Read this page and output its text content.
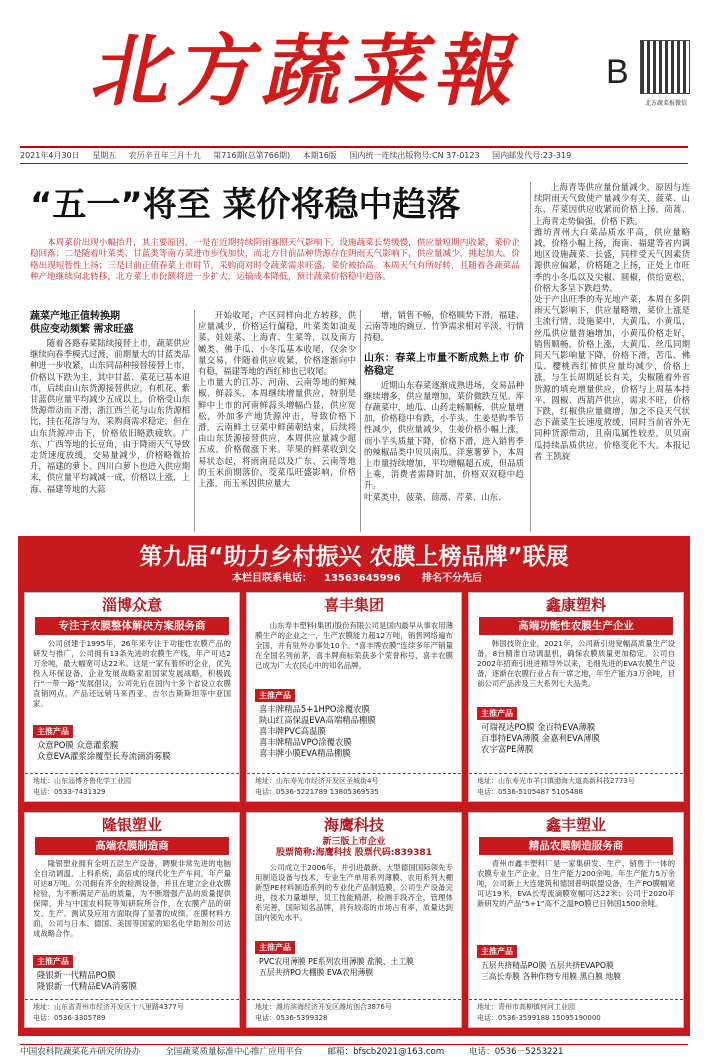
北方蔬菜報	B
北方蔬菜报微信
2021年4月30日 星期五 农历辛丑年三月十九 第716期(总第766期) 本期16版 国内统一连续出版物号:CN 37-0123 国内邮发代号:23-319
“五一”将至 菜价将稳中趋落
本周菜价出现小幅抬升，其主要原因，一是在近期持续阴雨寡照天气影响下，设施蔬菜长势缓慢，供应量短期内收紧，菜价企稳回落；二是随着叶菜类、甘蓝类等南方菜进市步伐加快，而北方目前品种货源存在阴雨天气影响下，供应量减少，挑起加大，价格出现短暂性上扬；三是目前正值春菜上市时节，采购商对时令蔬菜需求旺盛，菜价被抬高。本周天气有所好转，且随着各蔬菜品种产地继续向北转移，北方菜上市份额将进一步扩大，运输成本降低，预计蔬菜价格稳中趋落。
蔬菜产地正值转换期
供应变动频繁 需求旺盛
随着各路春菜陆续接替上市，蔬菜供应继续向春季模式过渡，前期量大的甘蓝类品种进一步收紧，山东同品种接替接替上市，价格以下跌为主，其中甘蓝、菜花已基本退市，后续由山东货源接替供应，有机花、紫甘蓝供应量平均减少五成以上，价格受山东货源带动而下滑，浙江西兰花与山东货源相比，挂在花溶与为，采购商需求稳定，但在山东货源冲击下，价格依旧略跌疲软。广东、广西等地的长豆角，由于降雨天气导致走货速度放缓，交易量减少，价格略微抬升，福建的萝卜、四川白萝卜也进入供应期末，供应量平均减减一成，价格以上涨，上海、福建等地的大蒜
开始收尾，产区同样向北方转移，供应量减少，价格运行偏稳，叶菜类如油麦菜、娃娃菜、上海青、生菜等，以及南方嫩类、佛手瓜、小冬瓜基本收尾，仅余少量交易，伴随着供应收紧，价格逐渐向中有稳，福建等地的西红柿也已收尾。
上市量大的江苏、河南、云南等地的鲜辣椒、鲜蒜头，本周继续增量供应，特别是鲜中上市的河南鲜蒜头增幅凸显，供应宽松，外加多产地货源冲击，导致价格下滑，云南鲜土豆菜中鲜菌朝结束，后续将由山东货源接替供应，本周供应量减少超五成，价格微涨下来。苹果的鲜菜收到交易状态起，将雨南昆以及广东、云南等地的玉米前期落价，茭菜瓜旺盛影响，价格上涨，而玉米因供应量大
增，销售不畅，价格顺势下滑，福建、云南等地的豌豆、竹笋需求相对平淡，行情持稳。
山东：春菜上市量不断成熟上市 价格稳定
近期山东春菜逐渐成熟进场，交易品种继续增多，供应量增加，菜价微跌互见。库存蔬菜中，地瓜、山药走畅顺畅，供应量增加，价格稳中有跌，小芋头、生姜是购季节性减少，供应量减少，生姜价格小幅上涨，而小芋头质量下降，价格下滑，进入销售季的辣椒品类中贝贝南瓜、洋葱薯萝卜，本周上市量持续增加，平均增幅超五成，但品质上乘，消费者需降时加，价格双双稳中趋升。
叶菜类中，菠菜、茼蒿、芹菜、山东、
上海青等供应量份量减少，原因与连续阴雨天气致使产量减少有关，菠菜、山东、芹菜因供应收紧而价格上扬，茼蒿、上海青走势偏强，价格下跌。
潍坊青州大白菜品质水平高，供应量略减，价格小幅上扬，海南、福建等省内调地区设施蔬菜、长盛，同样受天气因素货源供应偏紧，价格随之上扬，正处上市旺季的小冬瓜以及尖椒、圆椒，供给宽松，价格大多呈下跌趋势。
处于产出旺季的寿光地产菜，本周在多阴雨天气影响下，供应量略增，菜价上涨是主流行情，设施菜中，大黄瓜、小黄瓜、丝瓜供应量普遍增加，小黄瓜价格走好，销售顺畅，价格上涨，大黄瓜、丝瓜同期同天气影响量下降，价格下滑，苦瓜、佛瓜、樱桃西红柿供应量均减少，价格上涨，与生长周期延长有关，尖椒随着外省货源的填充增量供应，价格与上周基本持平，圆椒、西葫芦供应，需求不旺，价格下跌，红椒供应量微增，加之不良天气状态下蔬菜生长速度放缓，同时当前省外无同种货源带动，且南瓜属性较差，贝贝南瓜持续品质供应，价格变化不大。本报记者 王凯旋
第九届“助力乡村振兴 农膜上榜品牌”联展
本栏目联系电话： 13563645996 排名不分先后
淄博众意
专注于农膜整体解决方案服务商
公司创建于1995年，26年来专注于功能性农膜产品的研发与推广，公司拥有13条先进的农膜生产线，年产可达2万余吨，最大幅宽可达22米。这是一家有着怀的企业，优先投入环保设备，企业发展战略家祖国家发展战略，积极践行“一带一路”发展倡议，公司先后在国内十多个省设立农膜直销网点，产品还远销马来西亚、吉尔吉斯斯坦等中亚国家。
主推产品
众意PO膜 众意灌浆膜
众意EVA灌浆涂覆型长寿流滴消雾膜
地址：山东淄博齐鲁化学工业园
电话：0533-7431329
喜丰集团
山东寿丰塑料(集团)股份有限公司是国内最早从事农用薄膜生产的企业之一，生产农膜能力超12万吨，销售网络遍布全国，并有驻外办事处10个。“喜丰牌农膜”连续多年产销量在全国名列前茅，喜丰牌商标荣获多个荣誉称号，喜丰农膜已成为广大农民心中的知名品牌。
主推产品
喜丰牌精品5+1HPO涂覆农膜
陕山红高保温EVA高端精品棚膜
喜丰牌PVC高温膜
喜丰牌精品VPO涂覆农膜
喜丰牌小膜EVA精品棚膜
地址：山东寿光市经济开发区圣城街4号
电话：0536-5221789 13805369535
鑫康塑料
高端功能性农膜生产企业
韩国技资企业，2021年，公司新引进宽幅高质量生产设备，8台精准自动调温机，确保农膜质量更加稳定。公司自2002年招商引进进精导外以来，毛细先进的EVA农膜生产设备，逐渐在农膜行业占有一席之地，年生产能力3万余吨，目前公司产品涉及三大系列七大品类。
主推产品
可瑞视达PO膜 金百特EVA薄膜
百事特EVA薄膜 金嘉利EVA薄膜
农宇富PE薄膜
地址：山东寿光市羊口镇渤海大道高新科技2773号
电话：0536-5105487 5105488
隆银塑业
高端农膜制造商
隆银塑业拥有全明五层生产设备，聘聚非常先进的电脑全自动调温、上料系统，高倍成的现代化生产车间，年产量可达8万吨。公司拥有齐全的检测设备，并且在建立企业农膜检验，为不断满足产品的质量，为不断增强产品的质量提供保障，并与中国农科院等知研院所合作，在农膜产品的研发、生产、测试及应用方面取得了显著的成绩。在膜材料方面，公司与日本、德国、美国等国家的知名化学助剂公司达成战略合作。
主推产品
隆银新一代精品PO膜
隆银新一代精品EVA消雾膜
地址：山东省青州市经济开发区十八里路4377号
电话：0536-3305789
海鹰科技
新三版上市企业
股票简称:海鹰科技 股票代码:839381
公司成立于2006年，并引进最新、大型德国国际领先专用制造设备与技术，专业生产单用系列薄膜、农用系列大棚新型PE材料制造系列的专业化产品制造膜，公司生产设备完进，技术力量雄厚，员工技能精湛，检测手段齐全，管理体系完善，国际知名品牌，具有较高的市场占有率，质量达到国内领先水平。
主推产品
PVC农用薄膜 PE系列农用薄膜 盐膜、土工膜
五层共挤PO大棚膜 EVA农用薄膜
地址：潍坊滨海经济开发区潍坊创合3876号
电话：0536-5399328
鑫丰塑业
精品农膜制造服务商
青州市鑫丰塑料厂是一家集研发、生产、销售于一体的农膜专业生产企业，日生产能力200余吨，年生产能力5万余吨，公司新上大连建筑和德国普明联盟设备，生产PO膜幅宽可达19米，EVA长寿流滴膜宽幅可达22米；公司于2020年新研发的产品“5+1”高不之温PO膜已日韩国1500余吨。
主推产品
五层共挤精品PO膜 五层共挤EVAPO膜
三高长寿膜 各种作物专用膜 黑白膜 地膜
地址：青州市高柳镇何河工业园
电话：0536-3599188 15095190000
中国农科院蔬菜花卉研究所协办	全国蔬菜质量标准中心推广应用平台	邮箱：bfscb2021@163.com	电话：0536－5253221
